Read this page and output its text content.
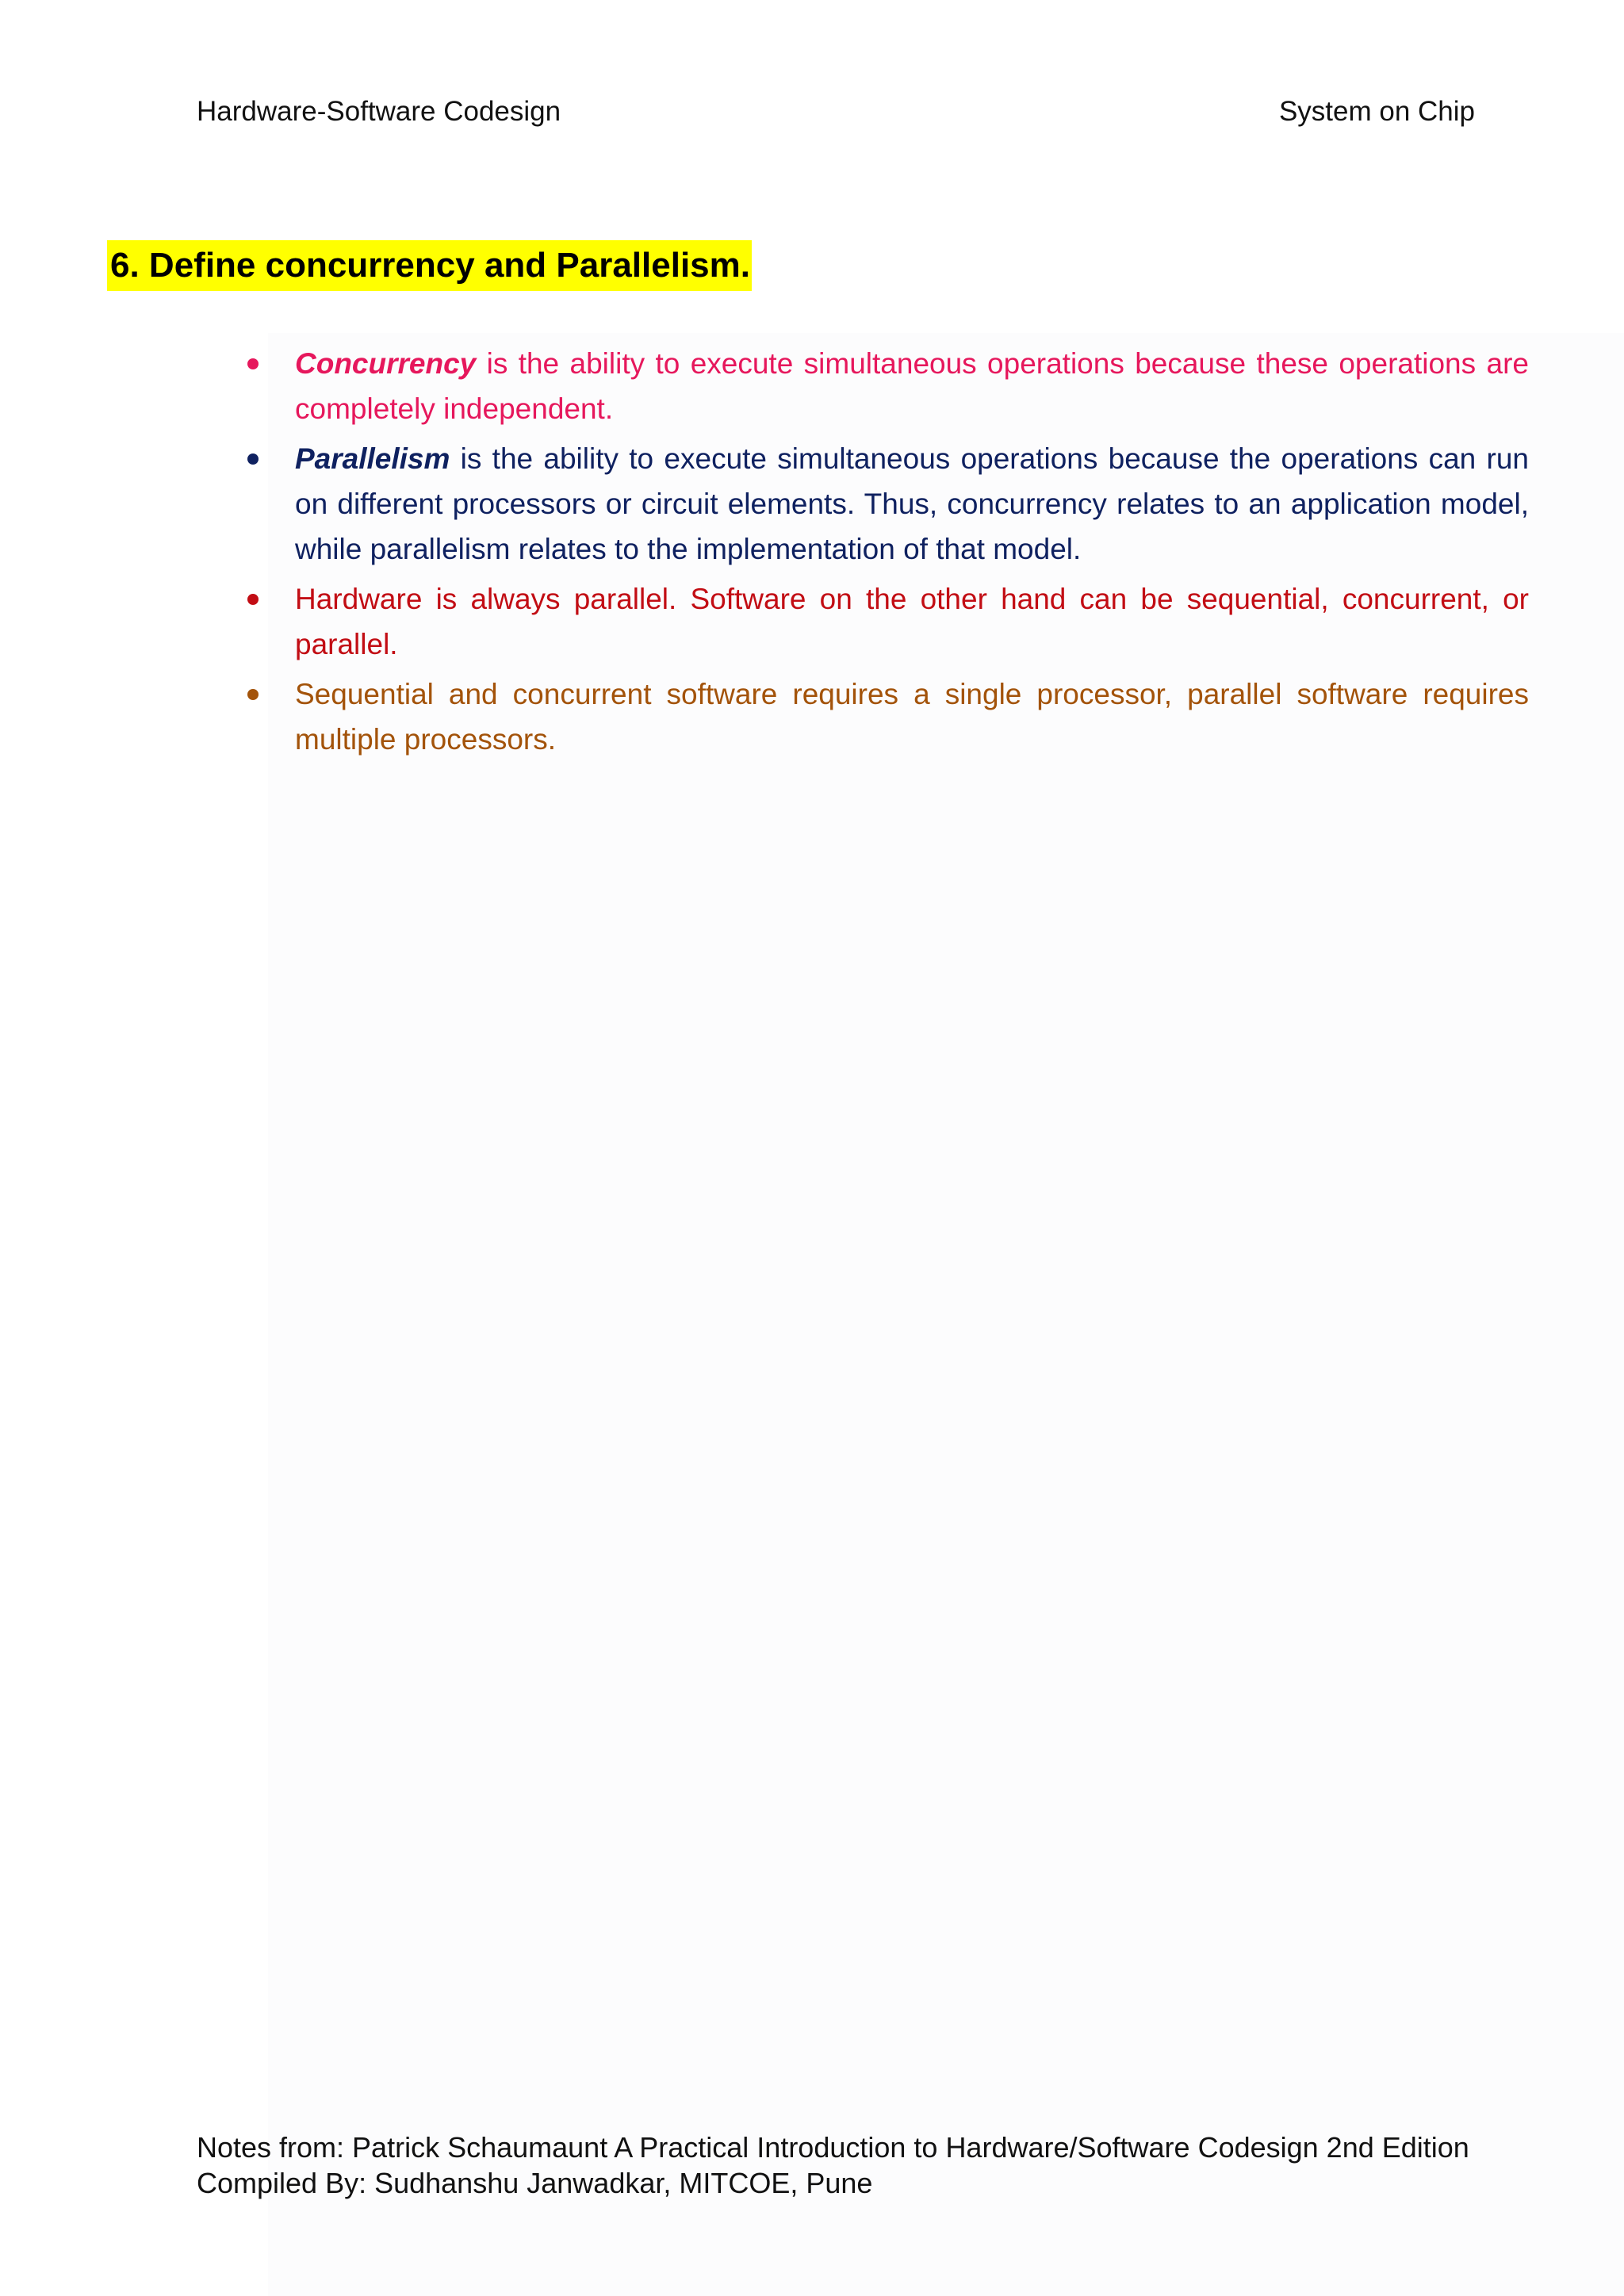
Hardware-Software Codesign	System on Chip
6. Define concurrency and Parallelism.
Concurrency is the ability to execute simultaneous operations because these operations are completely independent.
Parallelism is the ability to execute simultaneous operations because the operations can run on different processors or circuit elements. Thus, concurrency relates to an application model, while parallelism relates to the implementation of that model.
Hardware is always parallel. Software on the other hand can be sequential, concurrent, or parallel.
Sequential and concurrent software requires a single processor, parallel software requires multiple processors.
Notes from: Patrick Schaumaunt A Practical Introduction to Hardware/Software Codesign 2nd Edition
Compiled By: Sudhanshu Janwadkar, MITCOE, Pune
